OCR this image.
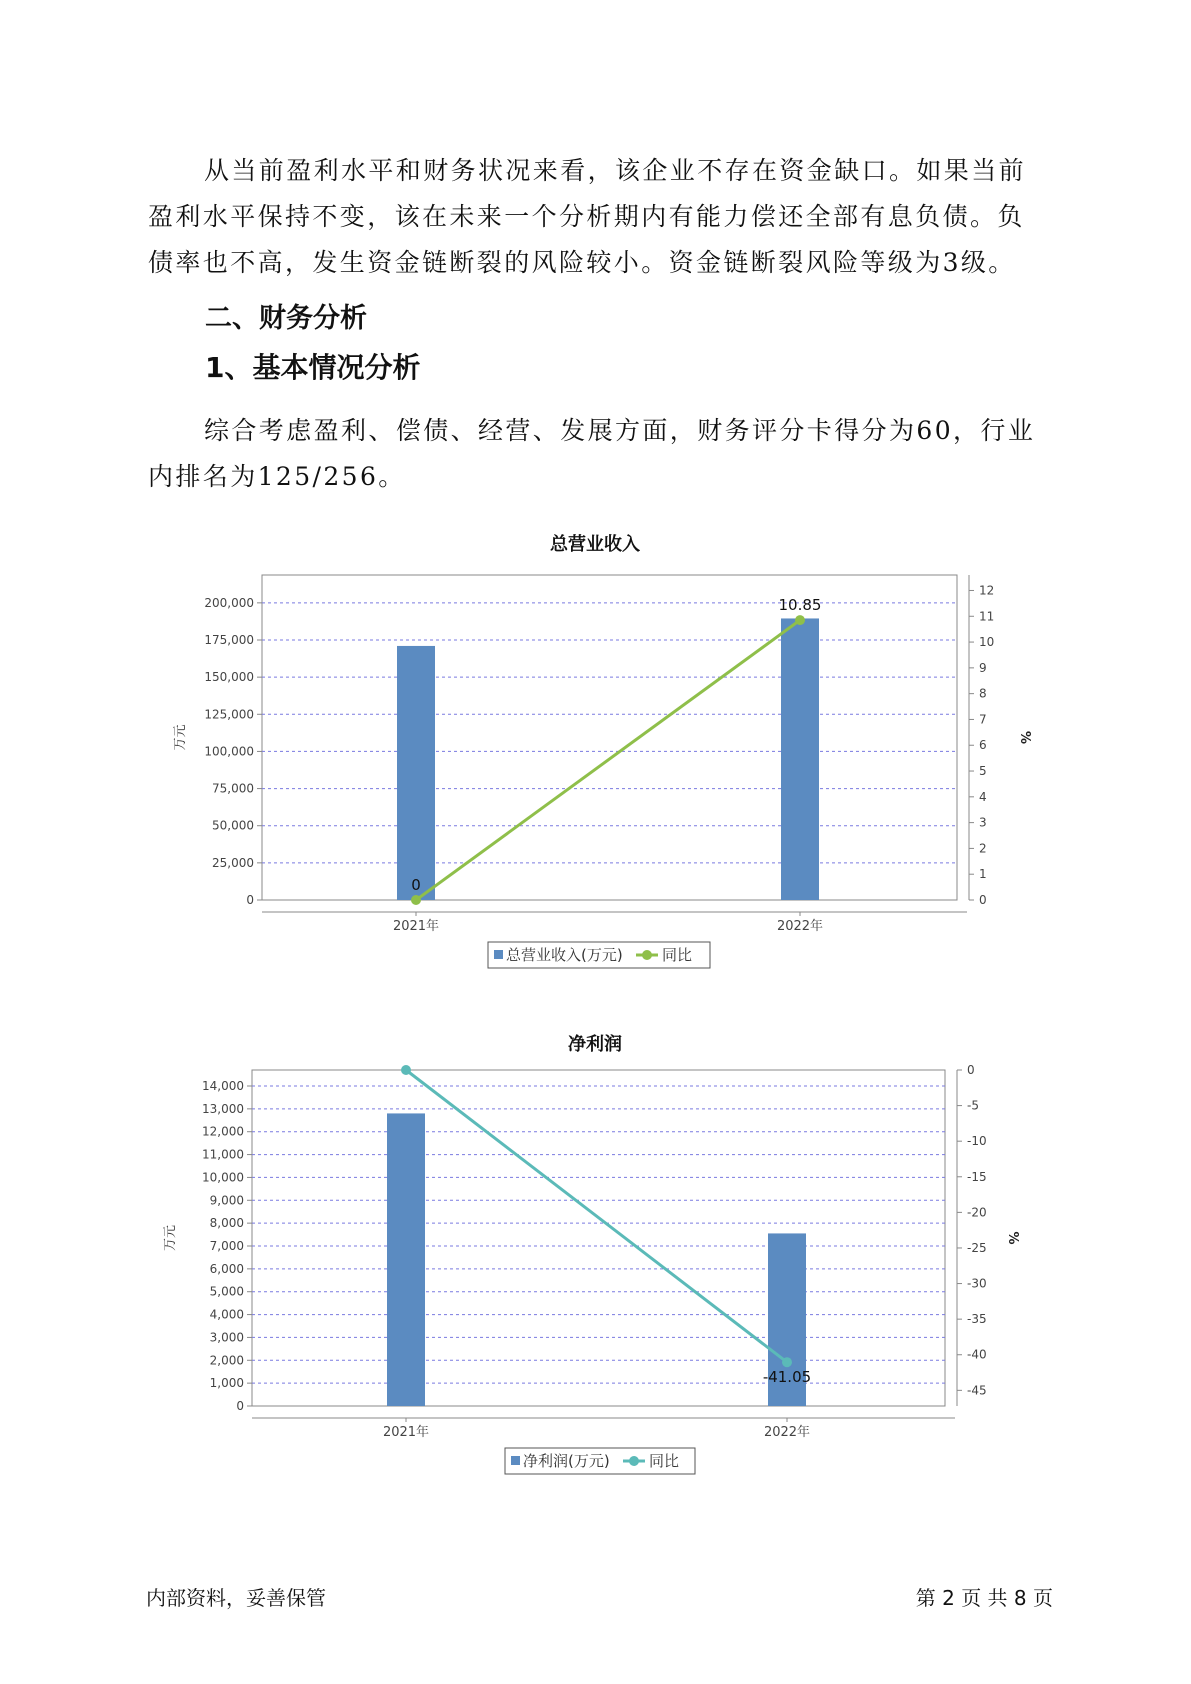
从当前盈利水平和财务状况来看，该企业不存在资金缺口。如果当前盈利水平保持不变，该在未来一个分析期内有能力偿还全部有息负债。负债率也不高，发生资金链断裂的风险较小。资金链断裂风险等级为3级。

二、财务分析
1、基本情况分析

综合考虑盈利、偿债、经营、发展方面，财务评分卡得分为60，行业内排名为125/256。

总营业收入
0
25,000
50,000
75,000
100,000
125,000
150,000
175,000
200,000
0
1
2
3
4
5
6
7
8
9
10
11
12
2021年	2022年
万元	%
0
10.85
总营业收入(万元)	同比
净利润
0
1,000
2,000
3,000
4,000
5,000
6,000
7,000
8,000
9,000
10,000
11,000
12,000
13,000
14,000
0
-5
-10
-15
-20
-25
-30
-35
-40
-45
2021年	2022年
万元	%
-41.05
净利润(万元)	同比
内部资料，妥善保管	第 2 页 共 8 页
